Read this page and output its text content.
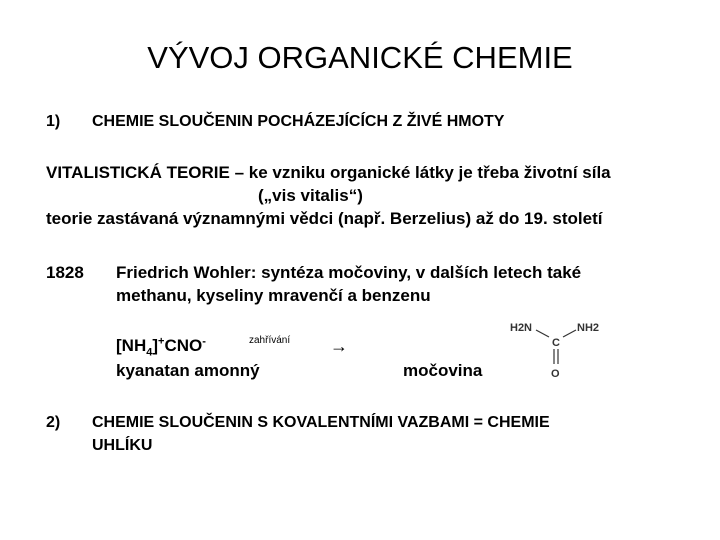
VÝVOJ ORGANICKÉ CHEMIE
1) CHEMIE SLOUČENIN POCHÁZEJÍCÍCH Z ŽIVÉ HMOTY
VITALISTICKÁ TEORIE – ke vzniku organické látky je třeba životní síla
(„vis vitalis“)
teorie zastávaná významnými vědci (např. Berzelius) až do 19. století
1828 Friedrich Wohler: syntéza močoviny, v dalších letech také
methanu, kyseliny mravenčí a benzenu
$[NH_4]^+CNO^-$	zahřívání →
kyanatan amonný	močovina
H2N	NH2
C
O
2) CHEMIE SLOUČENIN S KOVALENTNÍMI VAZBAMI = CHEMIE
UHLÍKU
